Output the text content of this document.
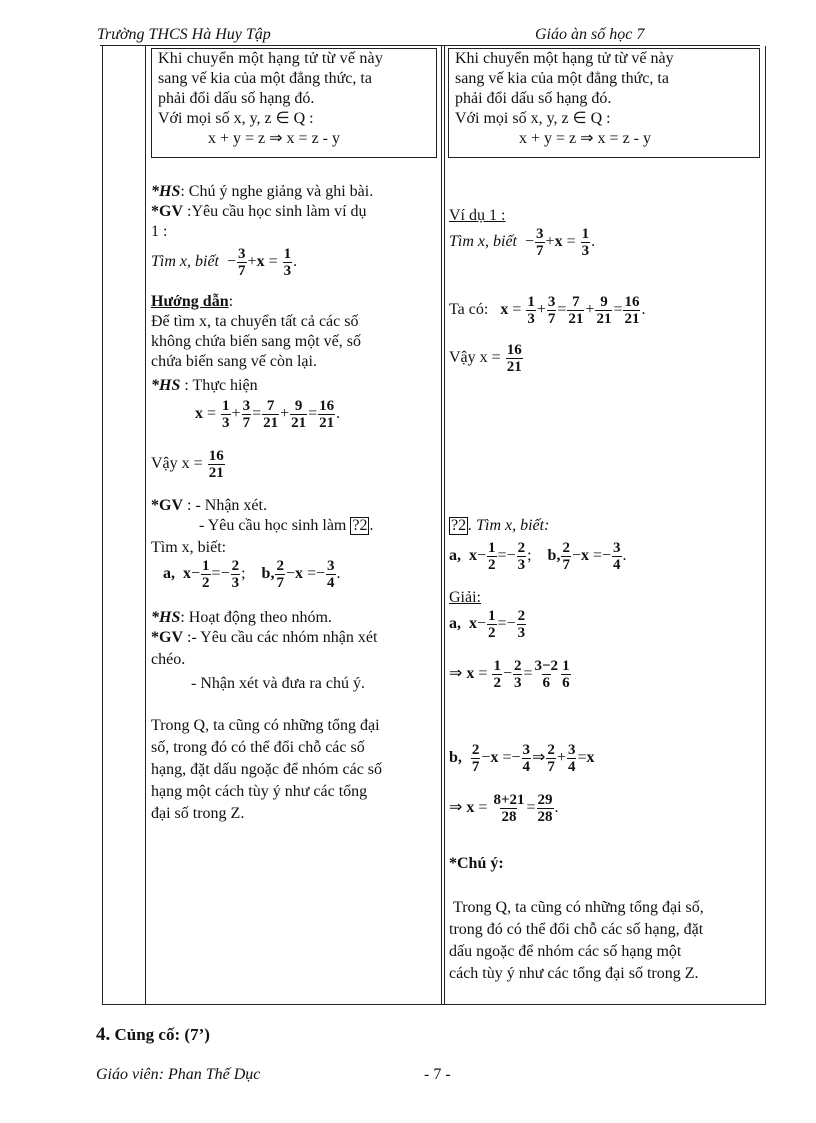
Trường THCS Hà Huy Tập	Giáo àn số học 7
Khi chuyển một hạng tử từ vế này
sang vế kia của một đẳng thức, ta
phải đổi dấu số hạng đó.
Với mọi số x, y, z ∈ Q :
x + y = z ⇒ x = z - y
*HS: Chú ý nghe giảng và ghi bài.
*GV :Yêu cầu học sinh làm ví dụ
1 :
Tìm x, biết − $\frac{3}{7} +x = \frac{1}{3}$ .
Hướng dẫn:
Để tìm x, ta chuyển tất cả các số
không chứa biến sang một vế, số
chứa biến sang vế còn lại.
*HS : Thực hiện
$x = \frac{1}{3} + \frac{3}{7} = \frac{7}{21} + \frac{9}{21} = \frac{16}{21}$ .
Vậy $x = \frac{16}{21}$
*GV : - Nhận xét.
- Yêu cầu học sinh làm ?2 .
Tìm x, biết:
a, $x- \frac{1}{2} =- \frac{2}{3}$ ; b, $\frac{2}{7} -x =- \frac{3}{4}$ .
*HS: Hoạt động theo nhóm.
*GV :- Yêu cầu các nhóm nhận xét
chéo.
- Nhận xét và đưa ra chú ý.
Trong Q, ta cũng có những tổng đại
số, trong đó có thể đổi chỗ các số
hạng, đặt dấu ngoặc để nhóm các số
hạng một cách tùy ý như các tổng
đại số trong Z.
Khi chuyển một hạng tử từ vế này
sang vế kia của một đẳng thức, ta
phải đổi dấu số hạng đó.
Với mọi số x, y, z ∈ Q :
x + y = z ⇒ x = z - y
Ví dụ 1 :
Tìm x, biết − $\frac{3}{7} +x = \frac{1}{3}$ .
Ta có: $x = \frac{1}{3} + \frac{3}{7} = \frac{7}{21} + \frac{9}{21} = \frac{16}{21}$ .
Vậy $x = \frac{16}{21}$
?2 . Tìm x, biết:
a, $x- \frac{1}{2} =- \frac{2}{3}$ ; b, $\frac{2}{7} -x =- \frac{3}{4}$ .
Giải:
a, $x- \frac{1}{2} =- \frac{2}{3}$
⇒ $x = \frac{1}{2} - \frac{2}{3} = \frac{3-2}{6} \frac{1}{6}$
b, $\frac{2}{7} -x =- \frac{3}{4}$ ⇒ $\frac{2}{7} + \frac{3}{4} =x$
⇒ $x = \frac{8+21}{28} = \frac{29}{28}$ .
*Chú ý:
Trong Q, ta cũng có những tổng đại số,
trong đó có thể đổi chỗ các số hạng, đặt
dấu ngoặc để nhóm các số hạng một
cách tùy ý như các tổng đại số trong Z.
4. Củng cố: (7’)
Giáo viên: Phan Thế Dục	- 7 -
